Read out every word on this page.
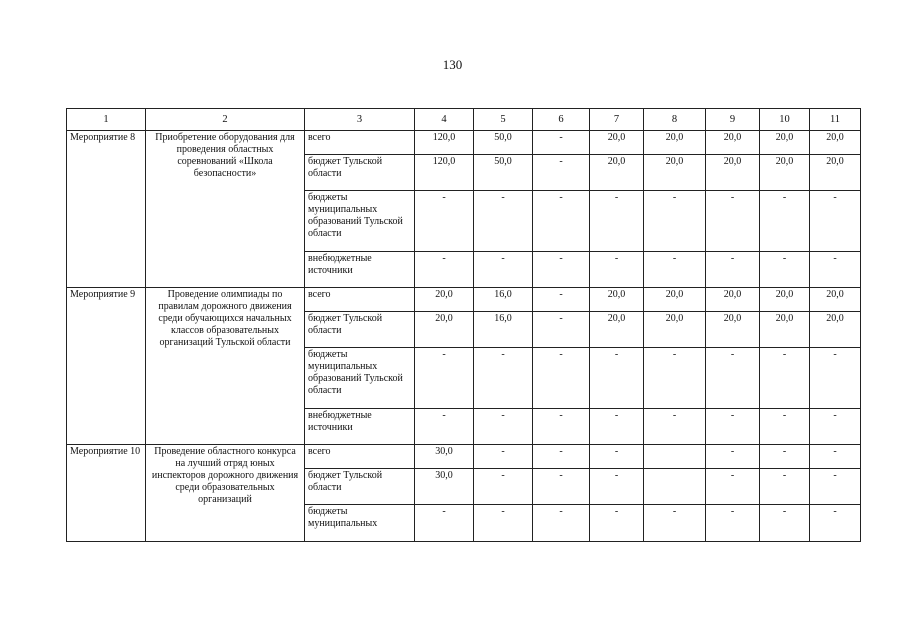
130
1	2	3	4	5	6	7	8	9	10	11
Мероприятие 8	Приобретение оборудования для проведения областных соревнований «Школа безопасности»	всего	120,0	50,0	-	20,0	20,0	20,0	20,0	20,0
		бюджет Тульской области	120,0	50,0	-	20,0	20,0	20,0	20,0	20,0
		бюджеты муниципальных образований Тульской области	-	-	-	-	-	-	-	-
		внебюджетные источники	-	-	-	-	-	-	-	-
Мероприятие 9	Проведение олимпиады по правилам дорожного движения среди обучающихся начальных классов образовательных организаций Тульской области	всего	20,0	16,0	-	20,0	20,0	20,0	20,0	20,0
		бюджет Тульской области	20,0	16,0	-	20,0	20,0	20,0	20,0	20,0
		бюджеты муниципальных образований Тульской области	-	-	-	-	-	-	-	-
		внебюджетные источники	-	-	-	-	-	-	-	-
Мероприятие 10	Проведение областного конкурса на лучший отряд юных инспекторов дорожного движения среди образовательных организаций	всего	30,0	-	-	-		-	-	-
		бюджет Тульской области	30,0	-	-	-		-	-	-
		бюджеты муниципальных	-	-	-	-	-	-	-	-
